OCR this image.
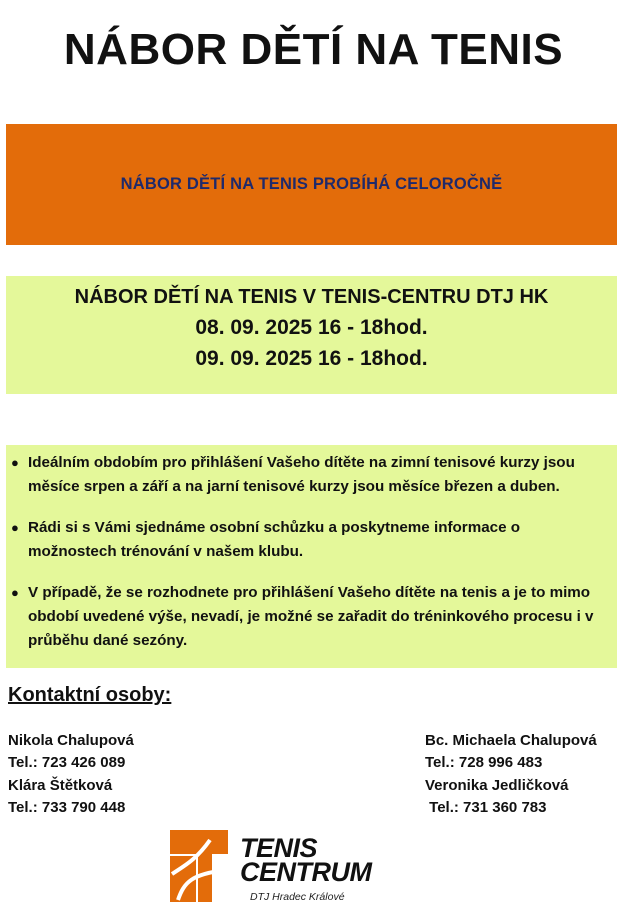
NÁBOR DĚTÍ NA TENIS
NÁBOR DĚTÍ NA TENIS PROBÍHÁ CELOROČNĚ
NÁBOR DĚTÍ NA TENIS V TENIS-CENTRU DTJ HK
08. 09. 2025 16 - 18hod.
09. 09. 2025 16 - 18hod.
● Ideálním obdobím pro přihlášení Vašeho dítěte na zimní tenisové kurzy jsou měsíce srpen a září a na jarní tenisové kurzy jsou měsíce březen a duben.
● Rádi si s Vámi sjednáme osobní schůzku a poskytneme informace o možnostech trénování v našem klubu.
● V případě, že se rozhodnete pro přihlášení Vašeho dítěte na tenis a je to mimo období uvedené výše, nevadí, je možné se zařadit do tréninkového procesu i v průběhu dané sezóny.
Kontaktní osoby:
Nikola Chalupová
Tel.: 723 426 089
Klára Štětková
Tel.: 733 790 448
Bc. Michaela Chalupová
Tel.: 728 996 483
Veronika Jedličková
Tel.: 731 360 783
TENIS
CENTRUM
DTJ Hradec Králové
